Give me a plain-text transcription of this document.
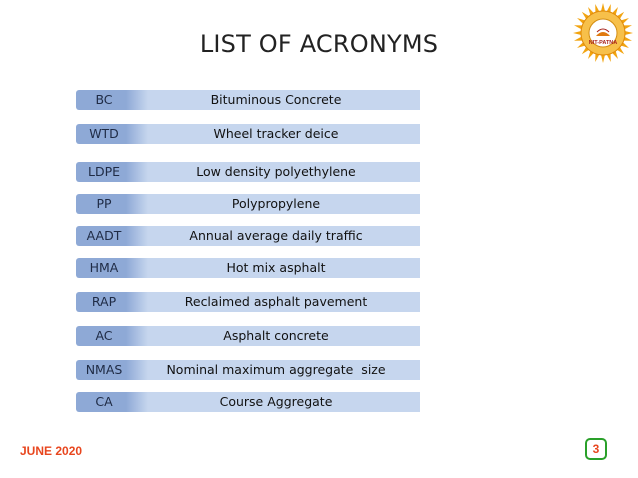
LIST OF ACRONYMS	NIT-PATNA
Bituminous Concrete
BC
Wheel tracker deice
WTD
Low density polyethylene
LDPE
Polypropylene
PP
Annual average daily traffic
AADT
Hot mix asphalt
HMA
Reclaimed asphalt pavement
RAP
Asphalt concrete
AC
Nominal maximum aggregate  size
NMAS
Course Aggregate
CA
JUNE 2020	3
